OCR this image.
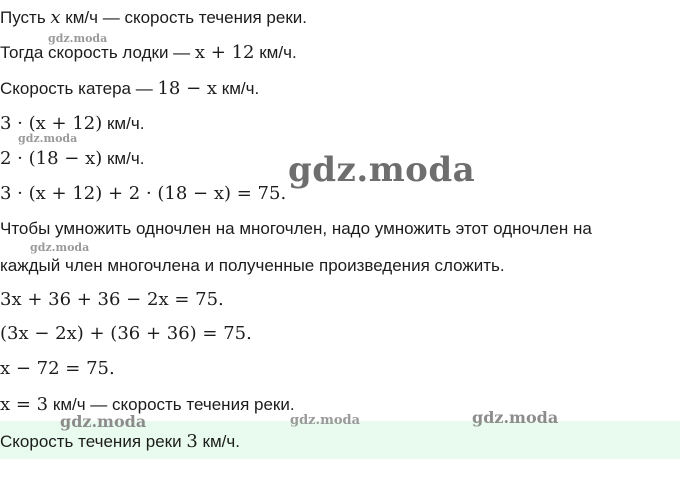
Пусть x км/ч — скорость течения реки.
Тогда скорость лодки — x + 12 км/ч.
Скорость катера — 18 − x км/ч.
3 · (x + 12) км/ч.
2 · (18 − x) км/ч.
3 · (x + 12) + 2 · (18 − x) = 75.
Чтобы умножить одночлен на многочлен, надо умножить этот одночлен на
каждый член многочлена и полученные произведения сложить.
3x + 36 + 36 − 2x = 75.
(3x − 2x) + (36 + 36) = 75.
x − 72 = 75.
x = 3 км/ч — скорость течения реки.
Скорость течения реки 3 км/ч.
gdz.moda
gdz.moda
gdz.moda
gdz.moda
gdz.moda	gdz.moda	gdz.moda
